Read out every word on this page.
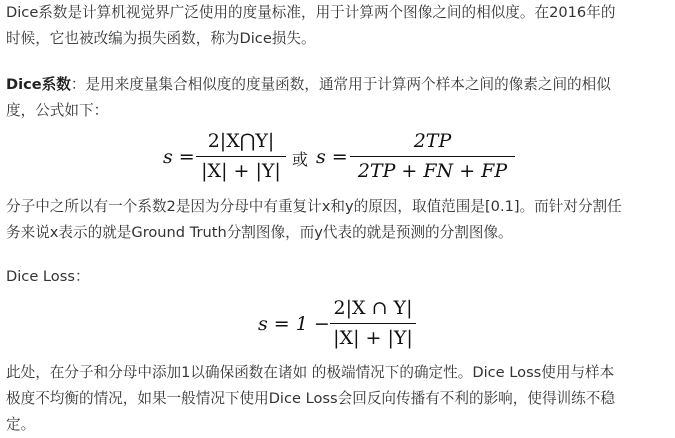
Dice系数是计算机视觉界广泛使用的度量标准，用于计算两个图像之间的相似度。在2016年的
时候，它也被改编为损失函数，称为Dice损失。

Dice系数：是用来度量集合相似度的度量函数，通常用于计算两个样本之间的像素之间的相似
度，公式如下：

s =
2|X⋂Y|
|X| + |Y|
或 s =
2TP
2TP + FN + FP

分子中之所以有一个系数2是因为分母中有重复计x和y的原因，取值范围是[0.1]。而针对分割任
务来说x表示的就是Ground Truth分割图像，而y代表的就是预测的分割图像。

Dice Loss：

s = 1 −
2|X ∩ Y|
|X| + |Y|

此处，在分子和分母中添加1以确保函数在诸如 的极端情况下的确定性。Dice Loss使用与样本
极度不均衡的情况，如果一般情况下使用Dice Loss会回反向传播有不利的影响，使得训练不稳
定。
